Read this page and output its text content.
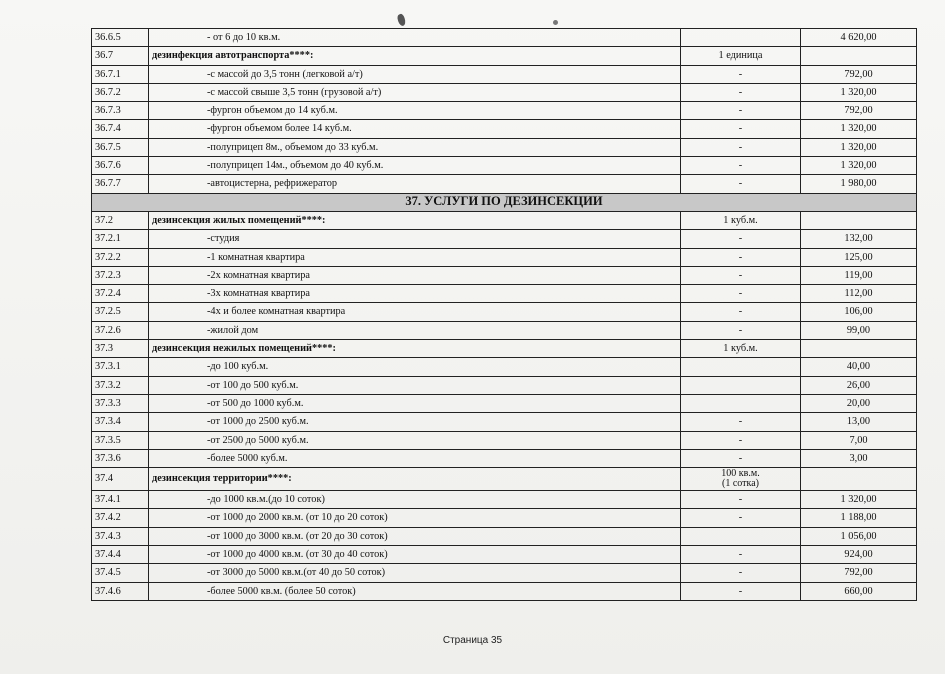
36.6.5	- от 6 до 10 кв.м.		4 620,00
36.7	дезинфекция автотранспорта****:	1 единица	
36.7.1	-с массой до 3,5 тонн (легковой а/т)	-	792,00
36.7.2	-с массой свыше 3,5 тонн (грузовой а/т)	-	1 320,00
36.7.3	-фургон объемом до 14 куб.м.	-	792,00
36.7.4	-фургон объемом более 14 куб.м.	-	1 320,00
36.7.5	-полуприцеп 8м., объемом до 33 куб.м.	-	1 320,00
36.7.6	-полуприцеп 14м., объемом до 40 куб.м.	-	1 320,00
36.7.7	-автоцистерна, рефрижератор	-	1 980,00
37. УСЛУГИ ПО ДЕЗИНСЕКЦИИ			
37.2	дезинсекция жилых помещений****:	1 куб.м.	
37.2.1	-студия	-	132,00
37.2.2	-1 комнатная квартира	-	125,00
37.2.3	-2х комнатная квартира	-	119,00
37.2.4	-3х комнатная квартира	-	112,00
37.2.5	-4х и более комнатная квартира	-	106,00
37.2.6	-жилой дом	-	99,00
37.3	дезинсекция нежилых помещений****:	1 куб.м.	
37.3.1	-до 100 куб.м.		40,00
37.3.2	-от 100 до 500 куб.м.		26,00
37.3.3	-от 500 до 1000 куб.м.		20,00
37.3.4	-от 1000 до 2500 куб.м.	-	13,00
37.3.5	-от 2500 до 5000 куб.м.	-	7,00
37.3.6	-более 5000 куб.м.	-	3,00
37.4	дезинсекция территории****:	100 кв.м.
(1 сотка)	

37.4.1	-до 1000 кв.м.(до 10 соток)	-	1 320,00
37.4.2	-от 1000 до 2000 кв.м. (от 10 до 20 соток)	-	1 188,00
37.4.3	-от 1000 до 3000 кв.м. (от 20 до 30 соток)		1 056,00
37.4.4	-от 1000 до 4000 кв.м. (от 30 до 40 соток)	-	924,00
37.4.5	-от 3000 до 5000 кв.м.(от 40 до 50 соток)	-	792,00
37.4.6	-более 5000 кв.м. (более 50 соток)	-	660,00
Страница 35
